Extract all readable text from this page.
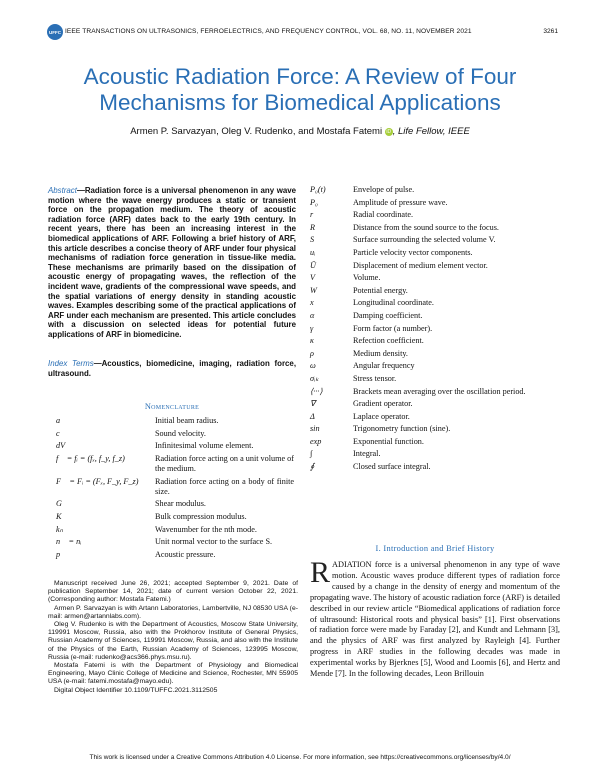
UFFC IEEE TRANSACTIONS ON ULTRASONICS, FERROELECTRICS, AND FREQUENCY CONTROL, VOL. 68, NO. 11, NOVEMBER 2021	3261
Acoustic Radiation Force: A Review of Four
Mechanisms for Biomedical Applications
Armen P. Sarvazyan, Oleg V. Rudenko, and Mostafa Fatemi iD , Life Fellow, IEEE
Abstract—Radiation force is a universal phenomenon in any wave motion where the wave energy produces a static or transient force on the propagation medium. The theory of acoustic radiation force (ARF) dates back to the early 19th century. In recent years, there has been an increasing interest in the biomedical applications of ARF. Following a brief history of ARF, this article describes a concise theory of ARF under four physical mechanisms of radiation force generation in tissue-like media. These mechanisms are primarily based on the dissipation of acoustic energy of propagating waves, the reflection of the incident wave, gradients of the compressional wave speeds, and the spatial variations of energy density in standing acoustic waves. Examples describing some of the practical applications of ARF under each mechanism are presented. This article concludes with a discussion on selected ideas for potential future applications of ARF in biomedicine.
Index Terms—Acoustics, biomedicine, imaging, radiation force, ultrasound.
Nomenclature
a	Initial beam radius.
c	Sound velocity.
dV	Infinitesimal volume element.
f⃗ = fᵢ = (fₓ, f_y, f_z)	Radiation force acting on a unit volume of the medium.
F⃗ = Fᵢ = (Fₓ, F_y, F_z)	Radiation force acting on a body of finite size.
G	Shear modulus.
K	Bulk compression modulus.
kₙ	Wavenumber for the nth mode.
n⃗ = nᵢ	Unit normal vector to the surface S.
p	Acoustic pressure.
P₀(t)	Envelope of pulse.
P₀	Amplitude of pressure wave.
r	Radial coordinate.
R	Distance from the sound source to the focus.
S	Surface surrounding the selected volume V.
uᵢ	Particle velocity vector components.
Ū	Displacement of medium element vector.
V	Volume.
W	Potential energy.
x	Longitudinal coordinate.
α	Damping coefficient.
γ	Form factor (a number).
κ	Refection coefficient.
ρ	Medium density.
ω	Angular frequency
σᵢₖ	Stress tensor.
⟨···⟩	Brackets mean averaging over the oscillation period.
∇	Gradient operator.
Δ	Laplace operator.
sin	Trigonometry function (sine).
exp	Exponential function.
∫	Integral.
∮	Closed surface integral.

Manuscript received June 26, 2021; accepted September 9, 2021. Date of publication September 14, 2021; date of current version October 22, 2021. (Corresponding author: Mostafa Fatemi.)

Armen P. Sarvazyan is with Artann Laboratories, Lambertville, NJ 08530 USA (e-mail: armen@artannlabs.com).

Oleg V. Rudenko is with the Department of Acoustics, Moscow State University, 119991 Moscow, Russia, also with the Prokhorov Institute of General Physics, Russian Academy of Sciences, 119991 Moscow, Russia, and also with the Institute of the Physics of the Earth, Russian Academy of Sciences, 123995 Moscow, Russia (e-mail: rudenko@acs366.phys.msu.ru).

Mostafa Fatemi is with the Department of Physiology and Biomedical Engineering, Mayo Clinic College of Medicine and Science, Rochester, MN 55905 USA (e-mail: fatemi.mostafa@mayo.edu).

Digital Object Identifier 10.1109/TUFFC.2021.3112505

I. Introduction and Brief History
RADIATION force is a universal phenomenon in any type of wave motion. Acoustic waves produce different types of radiation force caused by a change in the density of energy and momentum of the propagating wave. The history of acoustic radiation force (ARF) is detailed described in our review article “Biomedical applications of radiation force of ultrasound: Historical roots and physical basis” [1]. First observations of radiation force were made by Faraday [2], and Kundt and Lehmann [3], and the physics of ARF was first analyzed by Rayleigh [4]. Further progress in ARF studies in the following decades was made in experimental works by Bjerknes [5], Wood and Loomis [6], and Hertz and Mende [7]. In the following decades, Leon Brillouin
This work is licensed under a Creative Commons Attribution 4.0 License. For more information, see https://creativecommons.org/licenses/by/4.0/
